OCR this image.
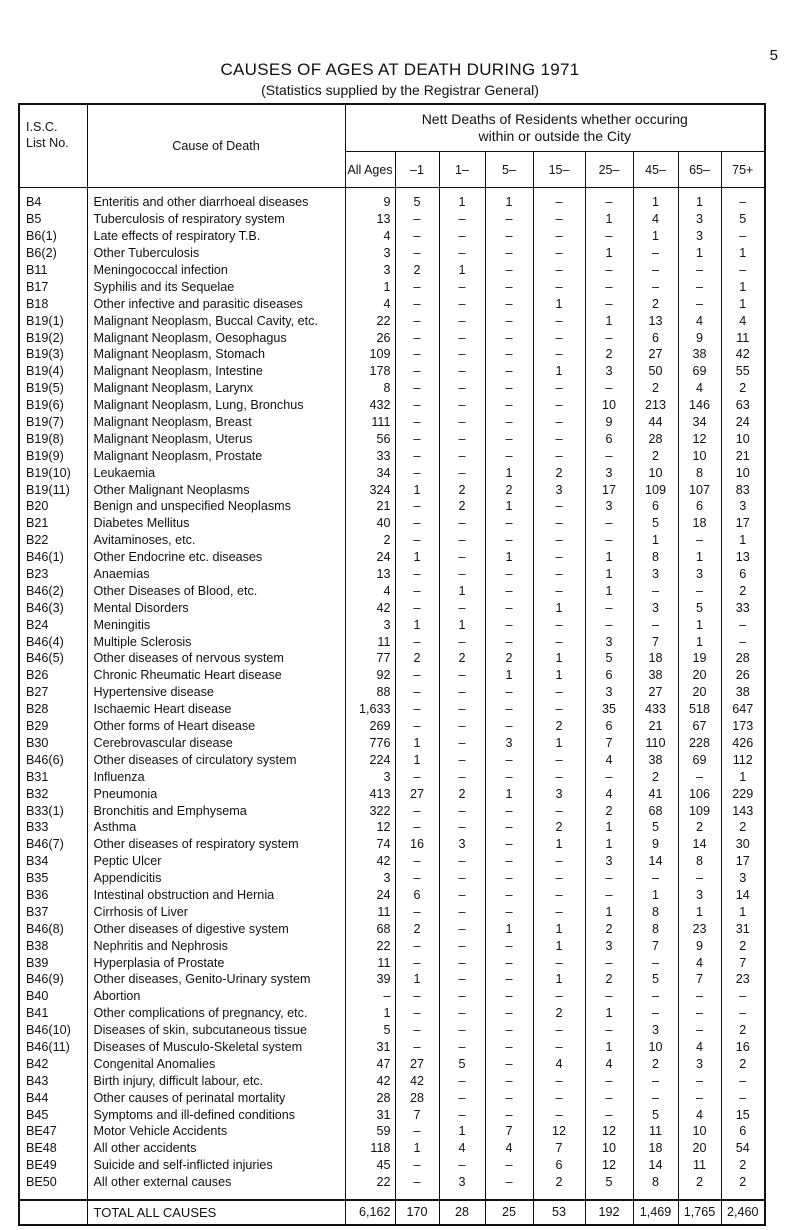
5
CAUSES OF AGES AT DEATH DURING 1971
(Statistics supplied by the Registrar General)
I.S.C.
List No.	Cause of Death	Nett Deaths of Residents whether occuring
within or outside the City								
		All Ages	–1	1–	5–	15–	25–	45–	65–	75+
B4	Enteritis and other diarrhoeal diseases	9	5	1	1	–	–	1	1	–
B5	Tuberculosis of respiratory system	13	–	–	–	–	1	4	3	5
B6(1)	Late effects of respiratory T.B.	4	–	–	–	–	–	1	3	–
B6(2)	Other Tuberculosis	3	–	–	–	–	1	–	1	1
B11	Meningococcal infection	3	2	1	–	–	–	–	–	–
B17	Syphilis and its Sequelae	1	–	–	–	–	–	–	–	1
B18	Other infective and parasitic diseases	4	–	–	–	1	–	2	–	1
B19(1)	Malignant Neoplasm, Buccal Cavity, etc.	22	–	–	–	–	1	13	4	4
B19(2)	Malignant Neoplasm, Oesophagus	26	–	–	–	–	–	6	9	11
B19(3)	Malignant Neoplasm, Stomach	109	–	–	–	–	2	27	38	42
B19(4)	Malignant Neoplasm, Intestine	178	–	–	–	1	3	50	69	55
B19(5)	Malignant Neoplasm, Larynx	8	–	–	–	–	–	2	4	2
B19(6)	Malignant Neoplasm, Lung, Bronchus	432	–	–	–	–	10	213	146	63
B19(7)	Malignant Neoplasm, Breast	111	–	–	–	–	9	44	34	24
B19(8)	Malignant Neoplasm, Uterus	56	–	–	–	–	6	28	12	10
B19(9)	Malignant Neoplasm, Prostate	33	–	–	–	–	–	2	10	21
B19(10)	Leukaemia	34	–	–	1	2	3	10	8	10
B19(11)	Other Malignant Neoplasms	324	1	2	2	3	17	109	107	83
B20	Benign and unspecified Neoplasms	21	–	2	1	–	3	6	6	3
B21	Diabetes Mellitus	40	–	–	–	–	–	5	18	17
B22	Avitaminoses, etc.	2	–	–	–	–	–	1	–	1
B46(1)	Other Endocrine etc. diseases	24	1	–	1	–	1	8	1	13
B23	Anaemias	13	–	–	–	–	1	3	3	6
B46(2)	Other Diseases of Blood, etc.	4	–	1	–	–	1	–	–	2
B46(3)	Mental Disorders	42	–	–	–	1	–	3	5	33
B24	Meningitis	3	1	1	–	–	–	–	1	–
B46(4)	Multiple Sclerosis	11	–	–	–	–	3	7	1	–
B46(5)	Other diseases of nervous system	77	2	2	2	1	5	18	19	28
B26	Chronic Rheumatic Heart disease	92	–	–	1	1	6	38	20	26
B27	Hypertensive disease	88	–	–	–	–	3	27	20	38
B28	Ischaemic Heart disease	1,633	–	–	–	–	35	433	518	647
B29	Other forms of Heart disease	269	–	–	–	2	6	21	67	173
B30	Cerebrovascular disease	776	1	–	3	1	7	110	228	426
B46(6)	Other diseases of circulatory system	224	1	–	–	–	4	38	69	112
B31	Influenza	3	–	–	–	–	–	2	–	1
B32	Pneumonia	413	27	2	1	3	4	41	106	229
B33(1)	Bronchitis and Emphysema	322	–	–	–	–	2	68	109	143
B33	Asthma	12	–	–	–	2	1	5	2	2
B46(7)	Other diseases of respiratory system	74	16	3	–	1	1	9	14	30
B34	Peptic Ulcer	42	–	–	–	–	3	14	8	17
B35	Appendicitis	3	–	–	–	–	–	–	–	3
B36	Intestinal obstruction and Hernia	24	6	–	–	–	–	1	3	14
B37	Cirrhosis of Liver	11	–	–	–	–	1	8	1	1
B46(8)	Other diseases of digestive system	68	2	–	1	1	2	8	23	31
B38	Nephritis and Nephrosis	22	–	–	–	1	3	7	9	2
B39	Hyperplasia of Prostate	11	–	–	–	–	–	–	4	7
B46(9)	Other diseases, Genito-Urinary system	39	1	–	–	1	2	5	7	23
B40	Abortion	–	–	–	–	–	–	–	–	–
B41	Other complications of pregnancy, etc.	1	–	–	–	2	1	–	–	–
B46(10)	Diseases of skin, subcutaneous tissue	5	–	–	–	–	–	3	–	2
B46(11)	Diseases of Musculo-Skeletal system	31	–	–	–	–	1	10	4	16
B42	Congenital Anomalies	47	27	5	–	4	4	2	3	2
B43	Birth injury, difficult labour, etc.	42	42	–	–	–	–	–	–	–
B44	Other causes of perinatal mortality	28	28	–	–	–	–	–	–	–
B45	Symptoms and ill-defined conditions	31	7	–	–	–	–	5	4	15
BE47	Motor Vehicle Accidents	59	–	1	7	12	12	11	10	6
BE48	All other accidents	118	1	4	4	7	10	18	20	54
BE49	Suicide and self-inflicted injuries	45	–	–	–	6	12	14	11	2
BE50	All other external causes	22	–	3	–	2	5	8	2	2
	TOTAL ALL CAUSES	6,162	170	28	25	53	192	1,469	1,765	2,460
